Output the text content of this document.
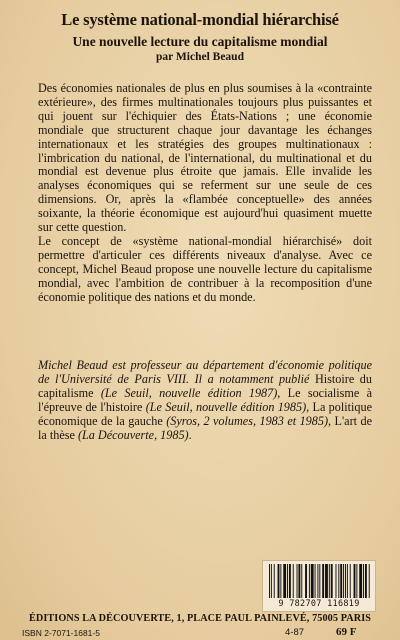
Le système national-mondial hiérarchisé
Une nouvelle lecture du capitalisme mondial
par Michel Beaud

Des économies nationales de plus en plus soumises à la «contrainte extérieure», des firmes multinationales toujours plus puissantes et qui jouent sur l'échiquier des États-Nations ; une économie mondiale que structurent chaque jour davantage les échanges internationaux et les stratégies des groupes multinationaux : l'imbrication du national, de l'international, du multinational et du mondial est devenue plus étroite que jamais. Elle invalide les analyses économiques qui se referment sur une seule de ces dimensions. Or, après la «flambée conceptuelle» des années soixante, la théorie économique est aujourd'hui quasiment muette sur cette question.

Le concept de «système national-mondial hiérarchisé» doit permettre d'articuler ces différents niveaux d'analyse. Avec ce concept, Michel Beaud propose une nouvelle lecture du capitalisme mondial, avec l'ambition de contribuer à la recomposition d'une économie politique des nations et du monde.

Michel Beaud est professeur au département d'économie politique de l'Université de Paris VIII. Il a notamment publié Histoire du capitalisme (Le Seuil, nouvelle édition 1987), Le socialisme à l'épreuve de l'histoire (Le Seuil, nouvelle édition 1985), La politique économique de la gauche (Syros, 2 volumes, 1983 et 1985), L'art de la thèse (La Découverte, 1985).
9 782707 116819
ÉDITIONS LA DÉCOUVERTE, 1, PLACE PAUL PAINLEVÉ, 75005 PARIS
ISBN 2-7071-1681-5	4-87	69 F
